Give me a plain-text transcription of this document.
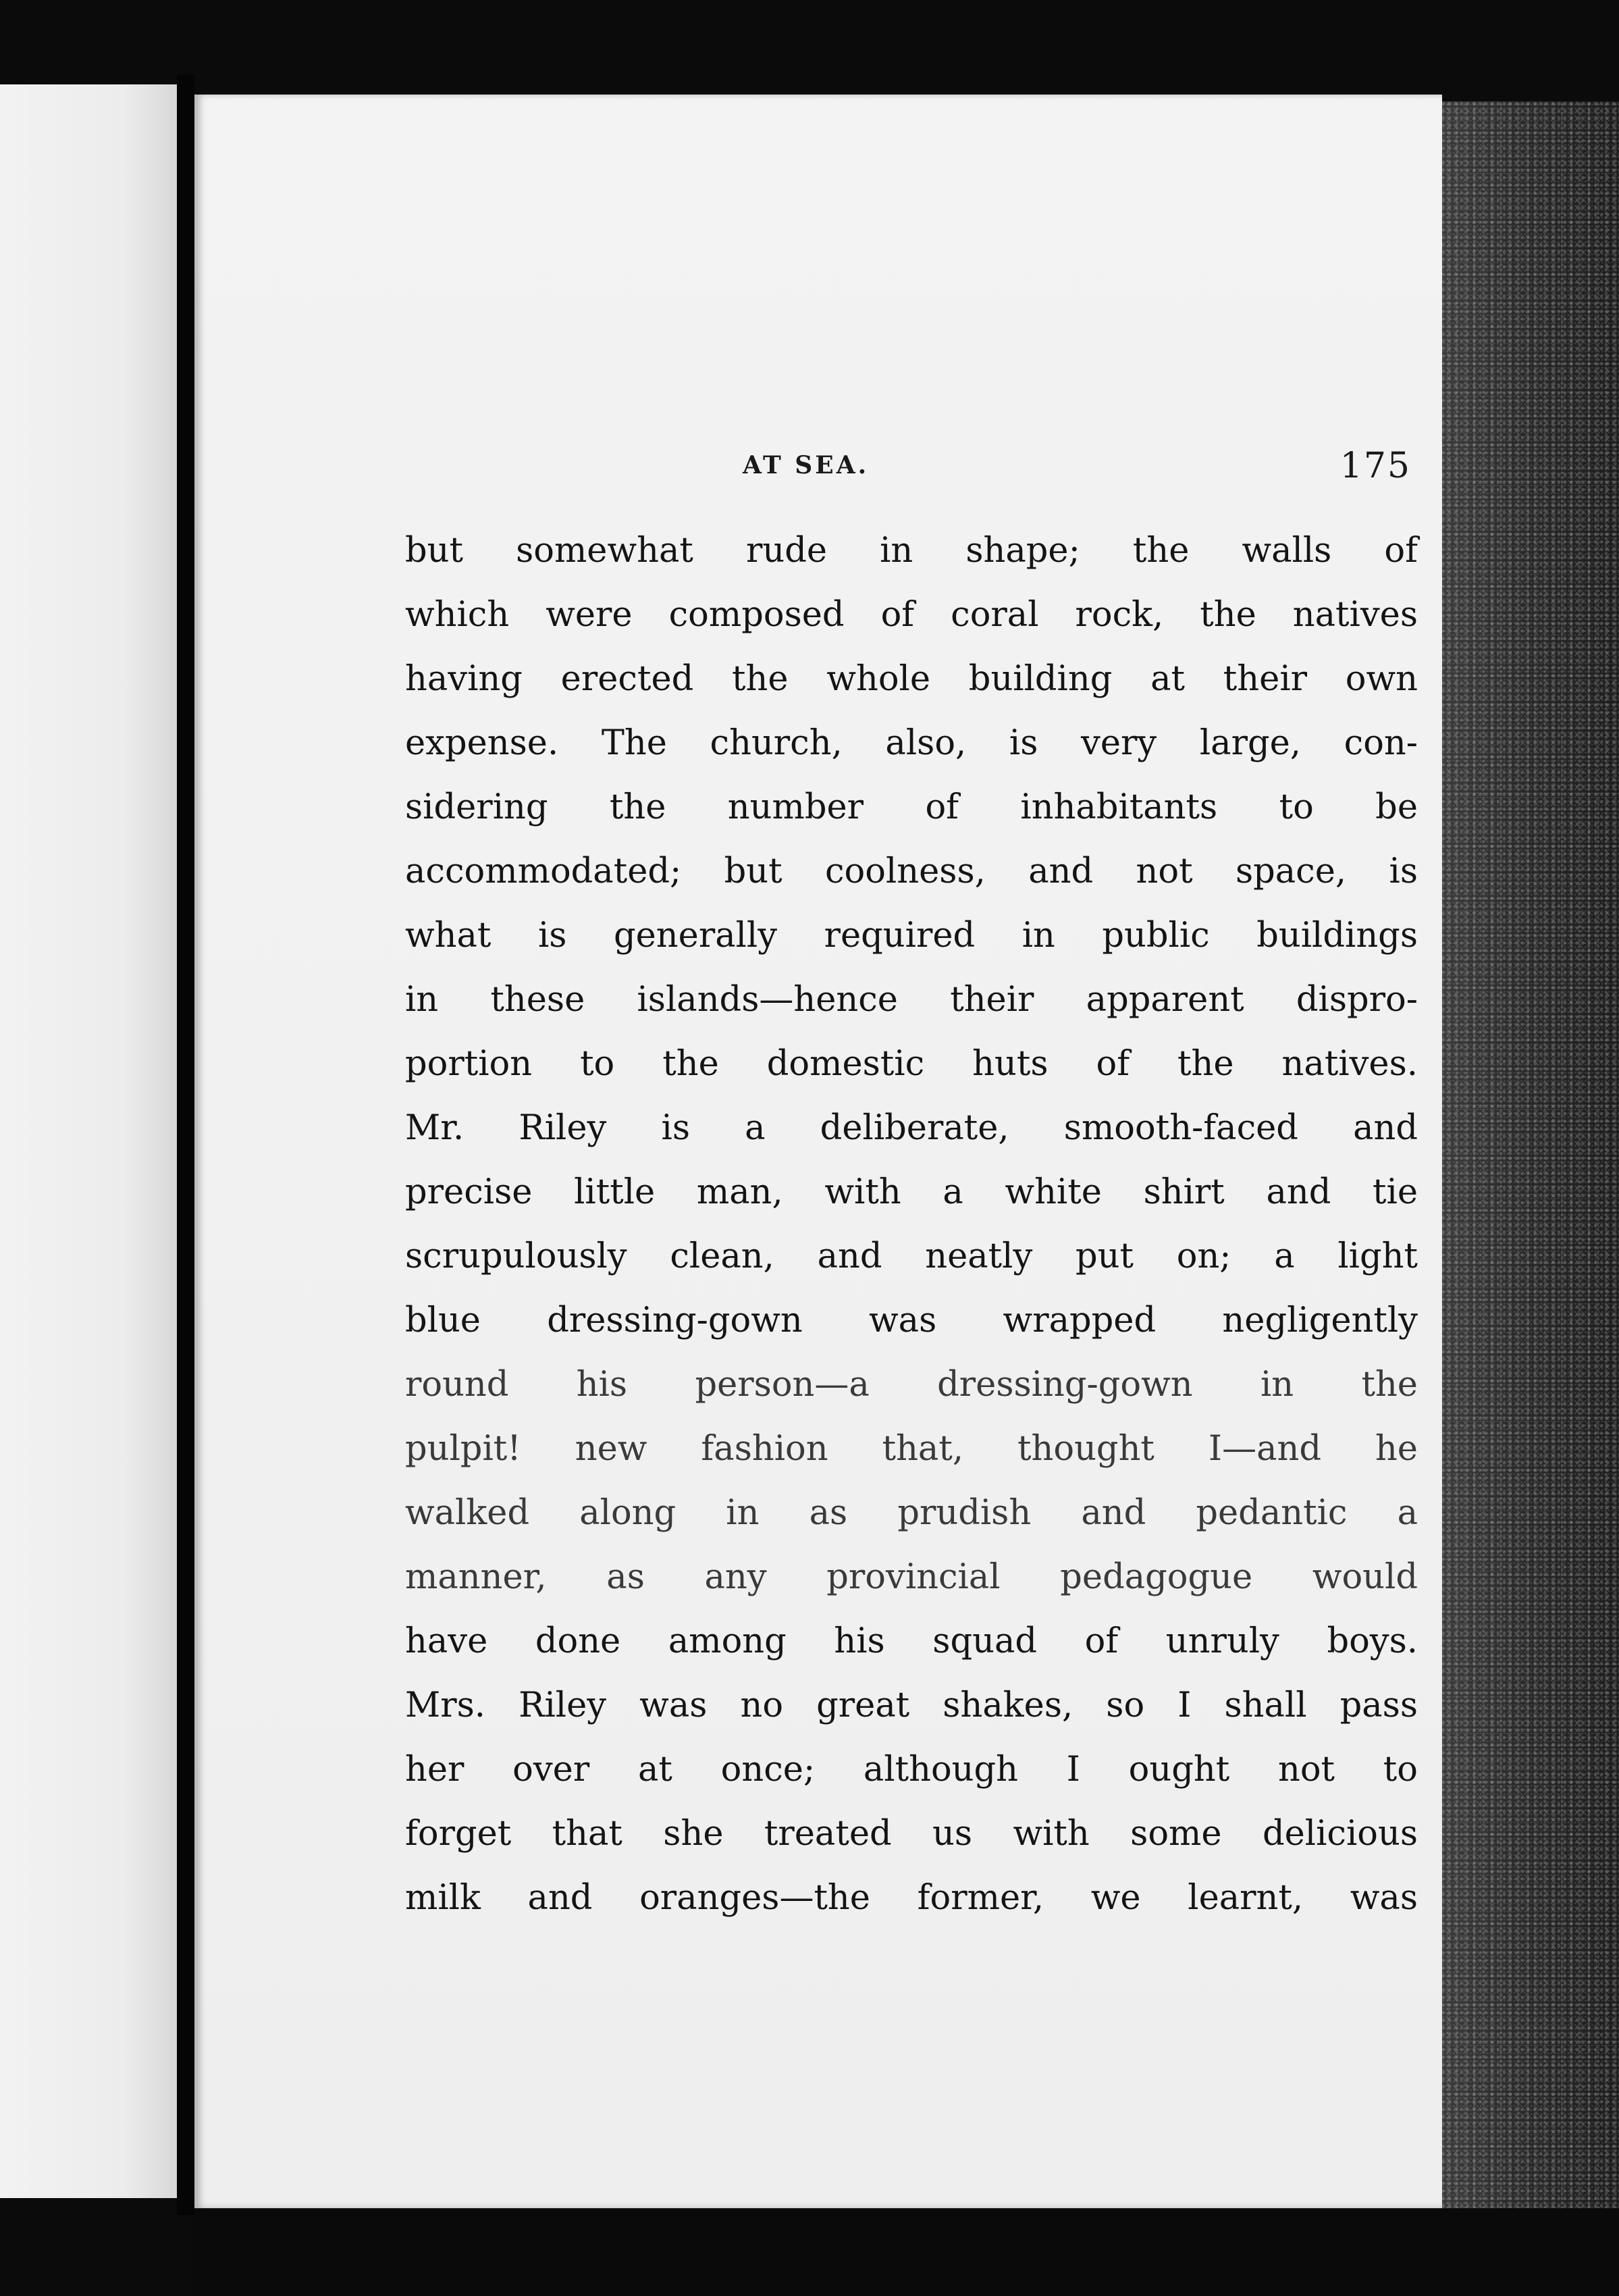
AT SEA.	175
but somewhat rude in shape; the walls of
which were composed of coral rock, the natives
having erected the whole building at their own
expense. The church, also, is very large, con-
sidering the number of inhabitants to be
accommodated; but coolness, and not space, is
what is generally required in public buildings
in these islands—hence their apparent dispro-
portion to the domestic huts of the natives.
Mr. Riley is a deliberate, smooth-faced and
precise little man, with a white shirt and tie
scrupulously clean, and neatly put on; a light
blue dressing-gown was wrapped negligently
round his person—a dressing-gown in the
pulpit! new fashion that, thought I—and he
walked along in as prudish and pedantic a
manner, as any provincial pedagogue would
have done among his squad of unruly boys.
Mrs. Riley was no great shakes, so I shall pass
her over at once; although I ought not to
forget that she treated us with some delicious
milk and oranges—the former, we learnt, was
